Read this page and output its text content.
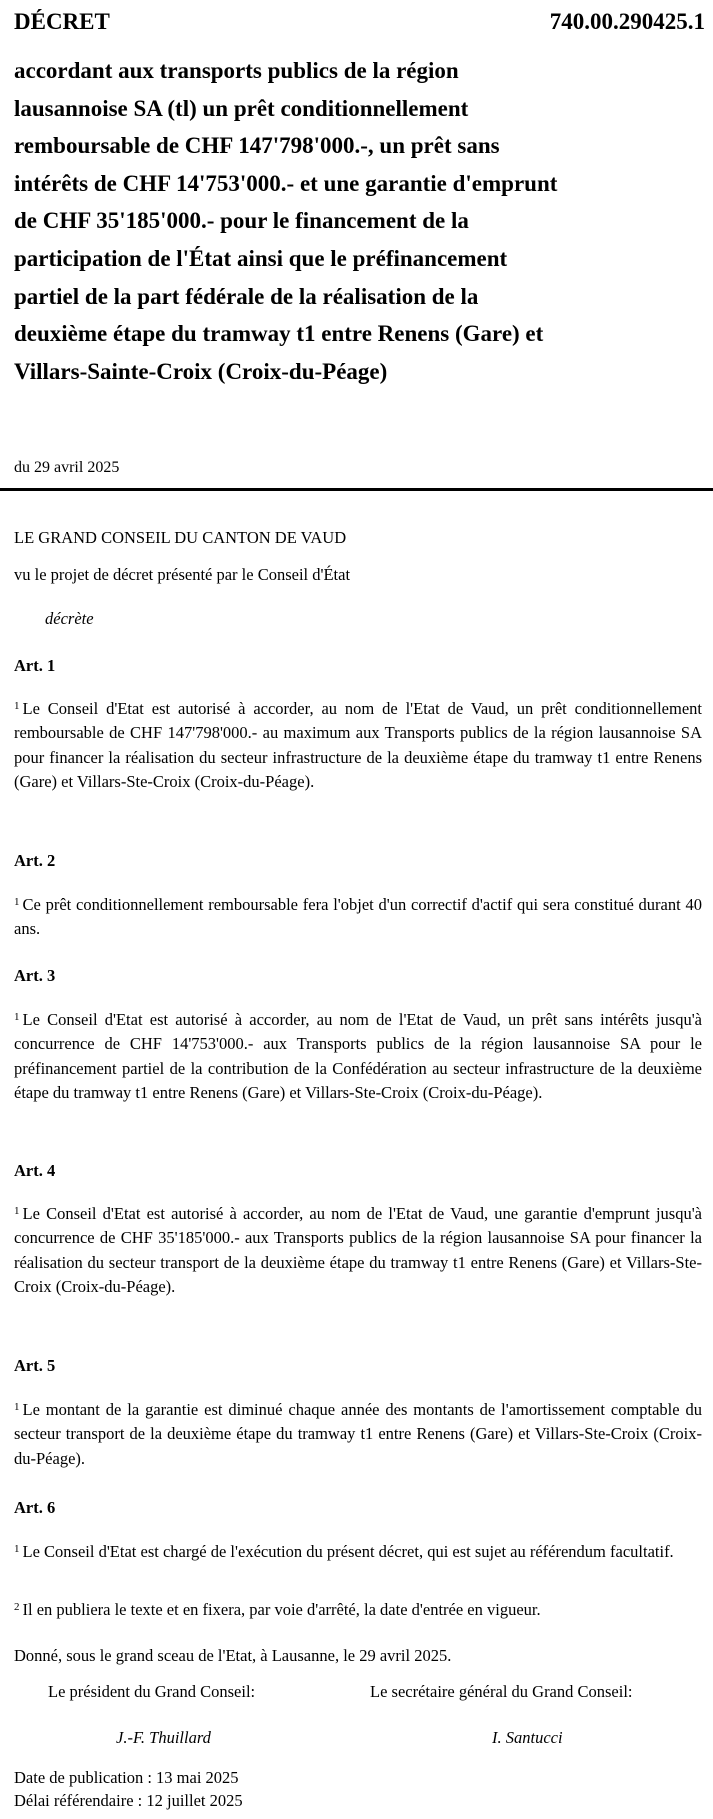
DÉCRET	740.00.290425.1
accordant aux transports publics de la région
lausannoise SA (tl) un prêt conditionnellement
remboursable de CHF 147'798'000.-, un prêt sans
intérêts de CHF 14'753'000.- et une garantie d'emprunt
de CHF 35'185'000.- pour le financement de la
participation de l'État ainsi que le préfinancement
partiel de la part fédérale de la réalisation de la
deuxième étape du tramway t1 entre Renens (Gare) et
Villars-Sainte-Croix (Croix-du-Péage)
du 29 avril 2025
LE GRAND CONSEIL DU CANTON DE VAUD
vu le projet de décret présenté par le Conseil d'État
décrète
Art. 1
$^1$ Le Conseil d'Etat est autorisé à accorder, au nom de l'Etat de Vaud, un prêt conditionnellement remboursable de CHF 147'798'000.- au maximum aux Transports publics de la région lausannoise SA pour financer la réalisation du secteur infrastructure de la deuxième étape du tramway t1 entre Renens (Gare) et Villars-Ste-Croix (Croix-du-Péage).
Art. 2
$^1$ Ce prêt conditionnellement remboursable fera l'objet d'un correctif d'actif qui sera constitué durant 40 ans.
Art. 3
$^1$ Le Conseil d'Etat est autorisé à accorder, au nom de l'Etat de Vaud, un prêt sans intérêts jusqu'à concurrence de CHF 14'753'000.- aux Transports publics de la région lausannoise SA pour le préfinancement partiel de la contribution de la Confédération au secteur infrastructure de la deuxième étape du tramway t1 entre Renens (Gare) et Villars-Ste-Croix (Croix-du-Péage).
Art. 4
$^1$ Le Conseil d'Etat est autorisé à accorder, au nom de l'Etat de Vaud, une garantie d'emprunt jusqu'à concurrence de CHF 35'185'000.- aux Transports publics de la région lausannoise SA pour financer la réalisation du secteur transport de la deuxième étape du tramway t1 entre Renens (Gare) et Villars-Ste-Croix (Croix-du-Péage).
Art. 5
$^1$ Le montant de la garantie est diminué chaque année des montants de l'amortissement comptable du secteur transport de la deuxième étape du tramway t1 entre Renens (Gare) et Villars-Ste-Croix (Croix-du-Péage).
Art. 6
$^1$ Le Conseil d'Etat est chargé de l'exécution du présent décret, qui est sujet au référendum facultatif.
$^2$ Il en publiera le texte et en fixera, par voie d'arrêté, la date d'entrée en vigueur.
Donné, sous le grand sceau de l'Etat, à Lausanne, le 29 avril 2025.
Le président du Grand Conseil:	Le secrétaire général du Grand Conseil:
J.-F. Thuillard	I. Santucci
Date de publication : 13 mai 2025
Délai référendaire : 12 juillet 2025
